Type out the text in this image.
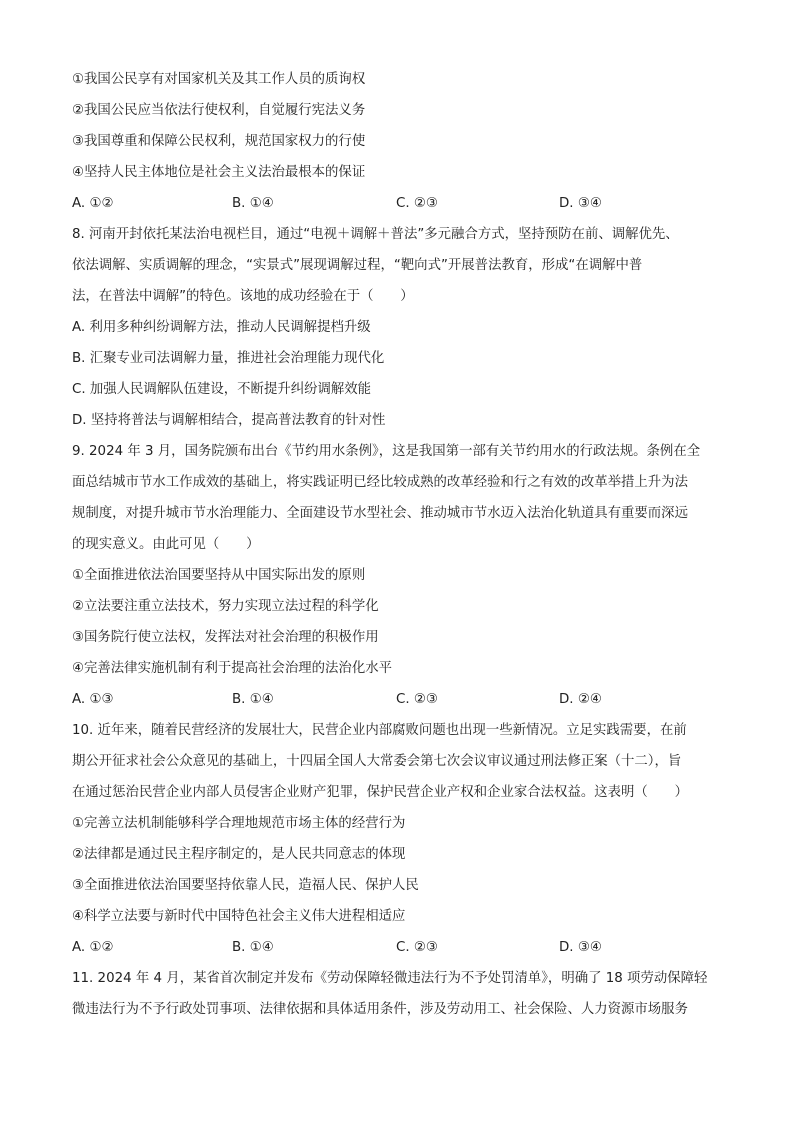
①我国公民享有对国家机关及其工作人员的质询权
②我国公民应当依法行使权利，自觉履行宪法义务
③我国尊重和保障公民权利，规范国家权力的行使
④坚持人民主体地位是社会主义法治最根本的保证
A. ①②	B. ①④	C. ②③	D. ③④
8. 河南开封依托某法治电视栏目，通过“电视＋调解＋普法”多元融合方式，坚持预防在前、调解优先、
依法调解、实质调解的理念，“实景式”展现调解过程，“靶向式”开展普法教育，形成“在调解中普
法，在普法中调解”的特色。该地的成功经验在于（　　）
A. 利用多种纠纷调解方法，推动人民调解提档升级
B. 汇聚专业司法调解力量，推进社会治理能力现代化
C. 加强人民调解队伍建设，不断提升纠纷调解效能
D. 坚持将普法与调解相结合，提高普法教育的针对性
9. 2024 年 3 月，国务院颁布出台《节约用水条例》，这是我国第一部有关节约用水的行政法规。条例在全
面总结城市节水工作成效的基础上，将实践证明已经比较成熟的改革经验和行之有效的改革举措上升为法
规制度，对提升城市节水治理能力、全面建设节水型社会、推动城市节水迈入法治化轨道具有重要而深远
的现实意义。由此可见（　　）
①全面推进依法治国要坚持从中国实际出发的原则
②立法要注重立法技术，努力实现立法过程的科学化
③国务院行使立法权，发挥法对社会治理的积极作用
④完善法律实施机制有利于提高社会治理的法治化水平
A. ①③	B. ①④	C. ②③	D. ②④
10. 近年来，随着民营经济的发展壮大，民营企业内部腐败问题也出现一些新情况。立足实践需要，在前
期公开征求社会公众意见的基础上，十四届全国人大常委会第七次会议审议通过刑法修正案（十二），旨
在通过惩治民营企业内部人员侵害企业财产犯罪，保护民营企业产权和企业家合法权益。这表明（　　）
①完善立法机制能够科学合理地规范市场主体的经营行为
②法律都是通过民主程序制定的，是人民共同意志的体现
③全面推进依法治国要坚持依靠人民，造福人民、保护人民
④科学立法要与新时代中国特色社会主义伟大进程相适应
A. ①②	B. ①④	C. ②③	D. ③④
11. 2024 年 4 月，某省首次制定并发布《劳动保障轻微违法行为不予处罚清单》，明确了 18 项劳动保障轻
微违法行为不予行政处罚事项、法律依据和具体适用条件，涉及劳动用工、社会保险、人力资源市场服务
